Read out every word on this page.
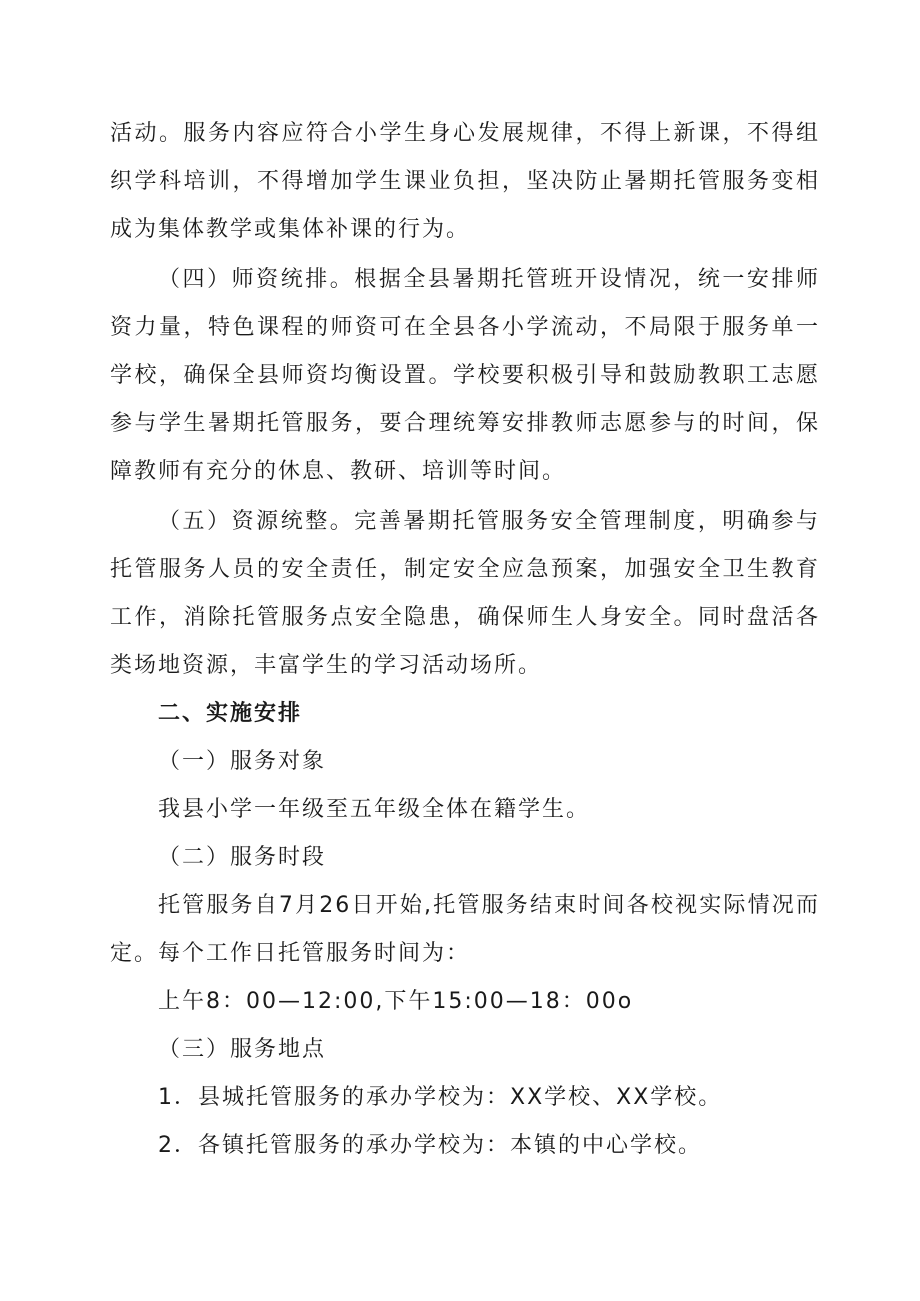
活动。服务内容应符合小学生身心发展规律，不得上新课，不得组织学科培训，不得增加学生课业负担，坚决防止暑期托管服务变相成为集体教学或集体补课的行为。

（四）师资统排。根据全县暑期托管班开设情况，统一安排师资力量，特色课程的师资可在全县各小学流动，不局限于服务单一学校，确保全县师资均衡设置。学校要积极引导和鼓励教职工志愿参与学生暑期托管服务，要合理统筹安排教师志愿参与的时间，保障教师有充分的休息、教研、培训等时间。

（五）资源统整。完善暑期托管服务安全管理制度，明确参与托管服务人员的安全责任，制定安全应急预案，加强安全卫生教育工作，消除托管服务点安全隐患，确保师生人身安全。同时盘活各类场地资源，丰富学生的学习活动场所。

二、实施安排

（一）服务对象

我县小学一年级至五年级全体在籍学生。

（二）服务时段

托管服务自7月26日开始,托管服务结束时间各校视实际情况而定。每个工作日托管服务时间为：

上午8：00—12:00,下午15:00—18：00o

（三）服务地点

1．县城托管服务的承办学校为：XX学校、XX学校。

2．各镇托管服务的承办学校为：本镇的中心学校。
